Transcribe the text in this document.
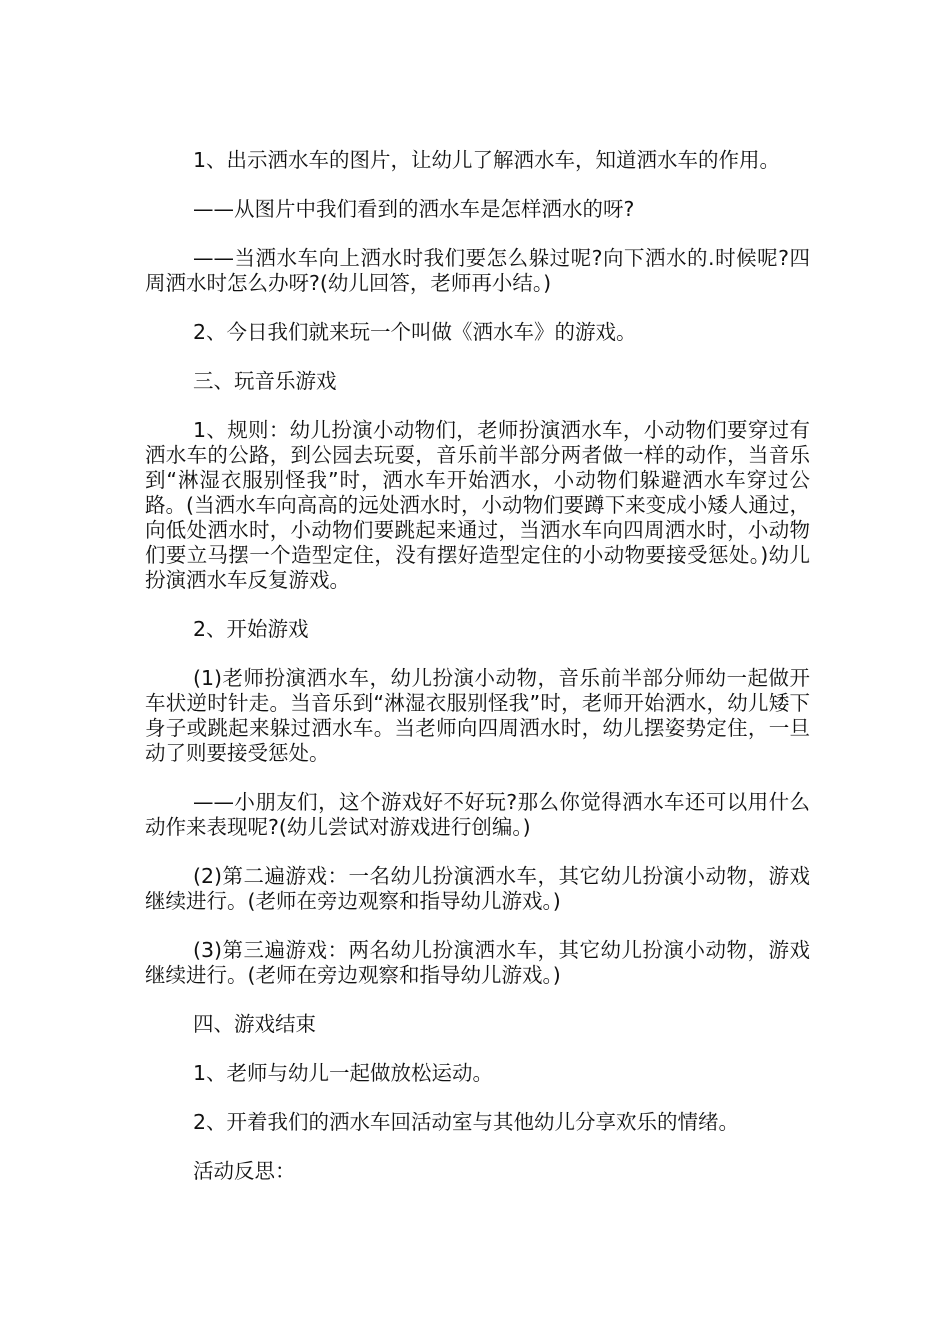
1、出示洒水车的图片，让幼儿了解洒水车，知道洒水车的作用。

——从图片中我们看到的洒水车是怎样洒水的呀?

——当洒水车向上洒水时我们要怎么躲过呢?向下洒水的.时候呢?四周洒水时怎么办呀?(幼儿回答，老师再小结。)

2、今日我们就来玩一个叫做《洒水车》的游戏。

三、玩音乐游戏

1、规则：幼儿扮演小动物们，老师扮演洒水车，小动物们要穿过有洒水车的公路，到公园去玩耍，音乐前半部分两者做一样的动作，当音乐到“淋湿衣服别怪我”时，洒水车开始洒水，小动物们躲避洒水车穿过公路。(当洒水车向高高的远处洒水时，小动物们要蹲下来变成小矮人通过，向低处洒水时，小动物们要跳起来通过，当洒水车向四周洒水时，小动物们要立马摆一个造型定住，没有摆好造型定住的小动物要接受惩处。)幼儿扮演洒水车反复游戏。

2、开始游戏

(1)老师扮演洒水车，幼儿扮演小动物，音乐前半部分师幼一起做开车状逆时针走。当音乐到“淋湿衣服别怪我”时，老师开始洒水，幼儿矮下身子或跳起来躲过洒水车。当老师向四周洒水时，幼儿摆姿势定住，一旦动了则要接受惩处。

——小朋友们，这个游戏好不好玩?那么你觉得洒水车还可以用什么动作来表现呢?(幼儿尝试对游戏进行创编。)

(2)第二遍游戏：一名幼儿扮演洒水车，其它幼儿扮演小动物，游戏继续进行。(老师在旁边观察和指导幼儿游戏。)

(3)第三遍游戏：两名幼儿扮演洒水车，其它幼儿扮演小动物，游戏继续进行。(老师在旁边观察和指导幼儿游戏。)

四、游戏结束

1、老师与幼儿一起做放松运动。

2、开着我们的洒水车回活动室与其他幼儿分享欢乐的情绪。

活动反思：
